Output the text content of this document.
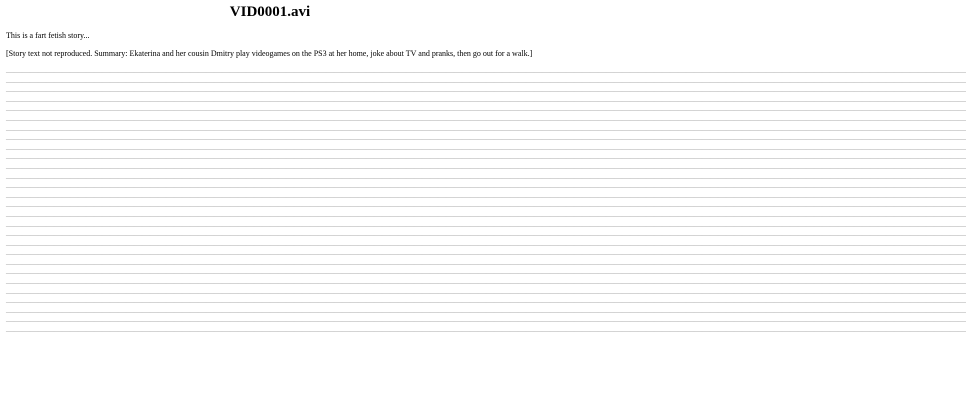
VID0001.avi

This is a fart fetish story...

[Story text not reproduced. Summary: Ekaterina and her cousin Dmitry play videogames on the PS3 at her home, joke about TV and pranks, then go out for a walk.]

————————————————————————————————————————————————————————————————————————————————————————————————————————————————————————
————————————————————————————————————————————————————————————————————————————————————————————————————————————————————————
————————————————————————————————————————————————————————————————————————————————————————————————————————————————————————
————————————————————————————————————————————————————————————————————————————————————————————————————————————————————————
————————————————————————————————————————————————————————————————————————————————————————————————————————————————————————
————————————————————————————————————————————————————————————————————————————————————————————————————————————————————————
————————————————————————————————————————————————————————————————————————————————————————————————————————————————————————
————————————————————————————————————————————————————————————————————————————————————————————————————————————————————————
————————————————————————————————————————————————————————————————————————————————————————————————————————————————————————
————————————————————————————————————————————————————————————————————————————————————————————————————————————————————————
————————————————————————————————————————————————————————————————————————————————————————————————————————————————————————
————————————————————————————————————————————————————————————————————————————————————————————————————————————————————————
————————————————————————————————————————————————————————————————————————————————————————————————————————————————————————
————————————————————————————————————————————————————————————————————————————————————————————————————————————————————————
————————————————————————————————————————————————————————————————————————————————————————————————————————————————————————
————————————————————————————————————————————————————————————————————————————————————————————————————————————————————————
————————————————————————————————————————————————————————————————————————————————————————————————————————————————————————
————————————————————————————————————————————————————————————————————————————————————————————————————————————————————————
————————————————————————————————————————————————————————————————————————————————————————————————————————————————————————
————————————————————————————————————————————————————————————————————————————————————————————————————————————————————————
————————————————————————————————————————————————————————————————————————————————————————————————————————————————————————
————————————————————————————————————————————————————————————————————————————————————————————————————————————————————————
————————————————————————————————————————————————————————————————————————————————————————————————————————————————————————
————————————————————————————————————————————————————————————————————————————————————————————————————————————————————————
————————————————————————————————————————————————————————————————————————————————————————————————————————————————————————
————————————————————————————————————————————————————————————————————————————————————————————————————————————————————————
————————————————————————————————————————————————————————————————————————————————————————————————————————————————————————
————————————————————————————————————————————————————————————————————————————————————————————————————————————————————————
